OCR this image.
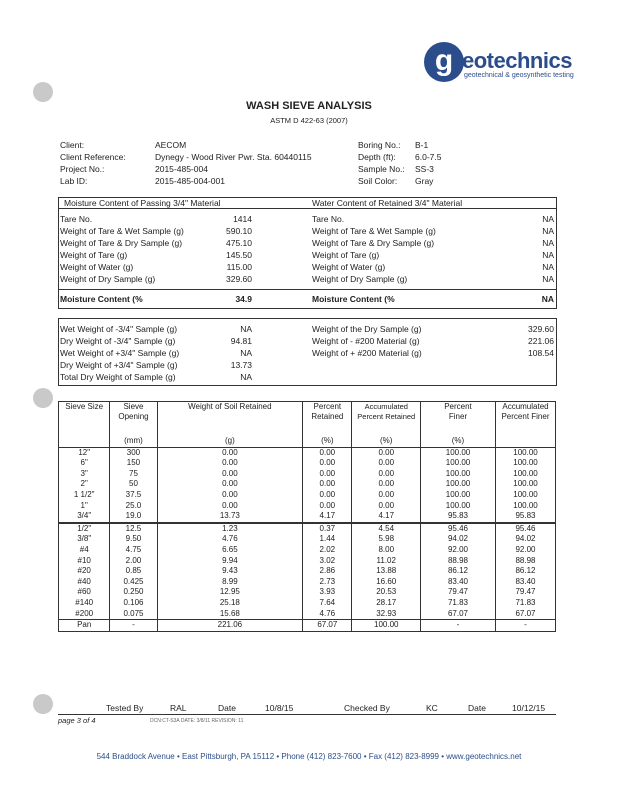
g eotechnics
geotechnical & geosynthetic testing
WASH SIEVE ANALYSIS
ASTM D 422-63 (2007)
Client:	AECOM
Client Reference:	Dynegy - Wood River Pwr. Sta. 60440115
Project No.:	2015-485-004
Lab ID:	2015-485-004-001
Boring No.: B-1
Depth (ft): 6.0-7.5
Sample No.: SS-3
Soil Color: Gray
Moisture Content of Passing 3/4" Material	Water Content of Retained 3/4" Material
Tare No.	1414	Tare No.	NA
Weight of Tare & Wet Sample (g)	590.10	Weight of Tare & Wet Sample (g)	NA
Weight of Tare & Dry Sample (g)	475.10	Weight of Tare & Dry Sample (g)	NA
Weight of Tare (g)	145.50	Weight of Tare (g)	NA
Weight of Water (g)	115.00	Weight of Water (g)	NA
Weight of Dry Sample (g)	329.60	Weight of Dry Sample (g)	NA
Moisture Content (%	34.9	Moisture Content (%	NA
Wet Weight of -3/4" Sample (g)	NA
Dry Weight of -3/4" Sample (g)	94.81
Wet Weight of +3/4" Sample (g)	NA
Dry Weight of +3/4" Sample (g)	13.73
Total Dry Weight of Sample (g)	NA
Weight of the Dry Sample (g)	329.60
Weight of - #200 Material (g)	221.06
Weight of + #200 Material (g)	108.54
Sieve Size	Sieve Opening	Weight of Soil Retained	Percent Retained	Accumulated Percent Retained	Percent Finer	Accumulated Percent Finer
	(mm)	(g)	(%)	(%)	(%)	
12"	300	0.00	0.00	0.00	100.00	100.00
6"	150	0.00	0.00	0.00	100.00	100.00
3"	75	0.00	0.00	0.00	100.00	100.00
2"	50	0.00	0.00	0.00	100.00	100.00
1 1/2"	37.5	0.00	0.00	0.00	100.00	100.00
1"	25.0	0.00	0.00	0.00	100.00	100.00
3/4"	19.0	13.73	4.17	4.17	95.83	95.83
1/2"	12.5	1.23	0.37	4.54	95.46	95.46
3/8"	9.50	4.76	1.44	5.98	94.02	94.02
#4	4.75	6.65	2.02	8.00	92.00	92.00
#10	2.00	9.94	3.02	11.02	88.98	88.98
#20	0.85	9.43	2.86	13.88	86.12	86.12
#40	0.425	8.99	2.73	16.60	83.40	83.40
#60	0.250	12.95	3.93	20.53	79.47	79.47
#140	0.106	25.18	7.64	28.17	71.83	71.83
#200	0.075	15.68	4.76	32.93	67.07	67.07
Pan	-	221.06	67.07	100.00	-	-
Tested By	RAL	Date	10/8/15	Checked By	KC	Date	10/12/15
page 3 of 4	DCN:CT-S3A DATE: 3/8/11 REVISION: 11
544 Braddock Avenue • East Pittsburgh, PA 15112 • Phone (412) 823-7600 • Fax (412) 823-8999 • www.geotechnics.net
